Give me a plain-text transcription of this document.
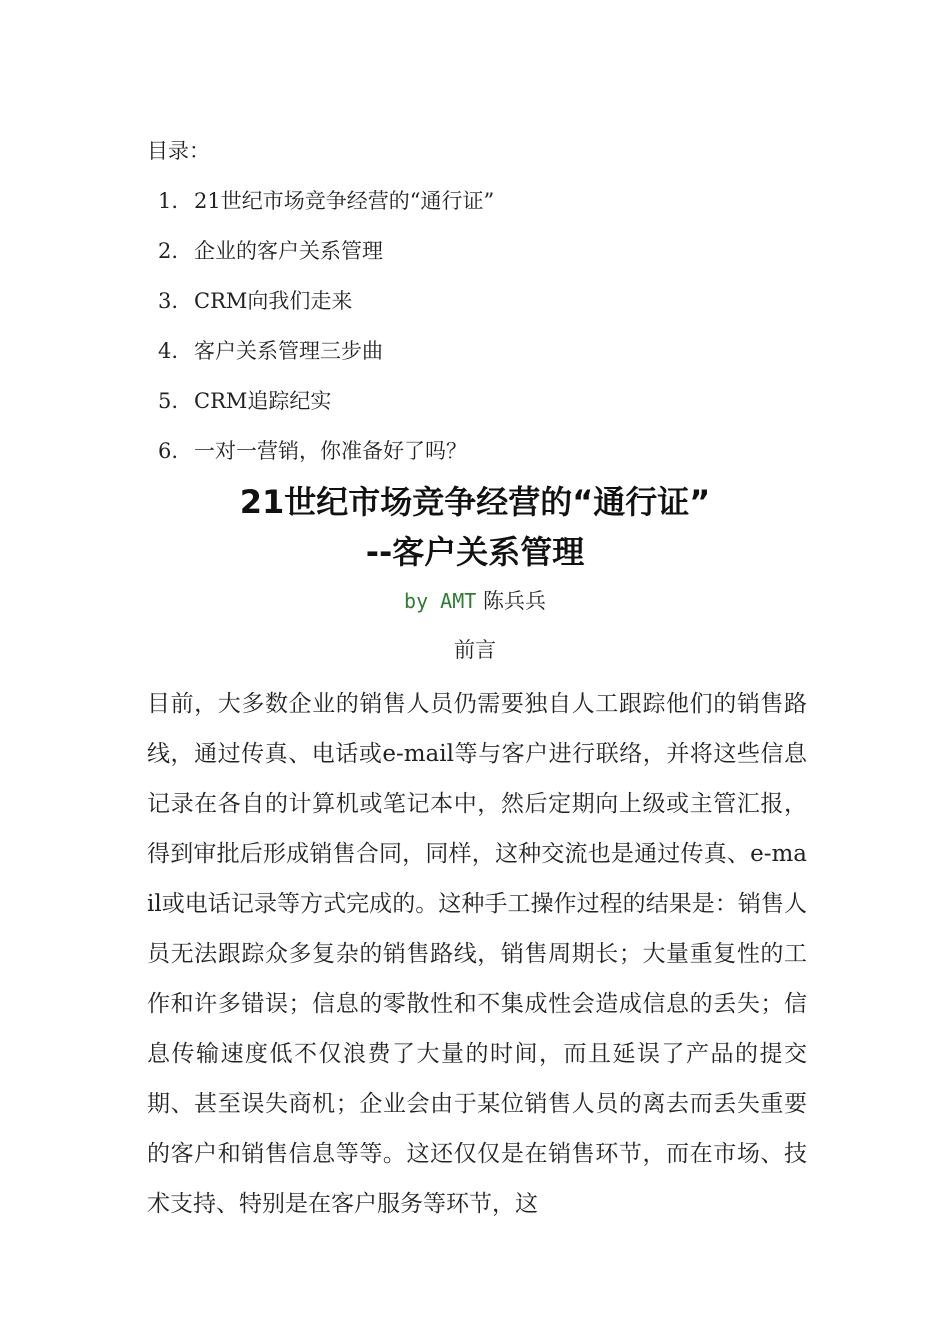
目录：
1. 21世纪市场竞争经营的“通行证”
2. 企业的客户关系管理
3. CRM向我们走来
4. 客户关系管理三步曲
5. CRM追踪纪实
6. 一对一营销，你准备好了吗？
21世纪市场竞争经营的“通行证”
--客户关系管理
by AMT 陈兵兵
前言

目前，大多数企业的销售人员仍需要独自人工跟踪他们的销售路线，通过传真、电话或e-mail等与客户进行联络，并将这些信息记录在各自的计算机或笔记本中，然后定期向上级或主管汇报，得到审批后形成销售合同，同样，这种交流也是通过传真、e-mail或电话记录等方式完成的。这种手工操作过程的结果是：销售人员无法跟踪众多复杂的销售路线，销售周期长；大量重复性的工作和许多错误；信息的零散性和不集成性会造成信息的丢失；信息传输速度低不仅浪费了大量的时间，而且延误了产品的提交期、甚至误失商机；企业会由于某位销售人员的离去而丢失重要的客户和销售信息等等。这还仅仅是在销售环节，而在市场、技术支持、特别是在客户服务等环节，这
